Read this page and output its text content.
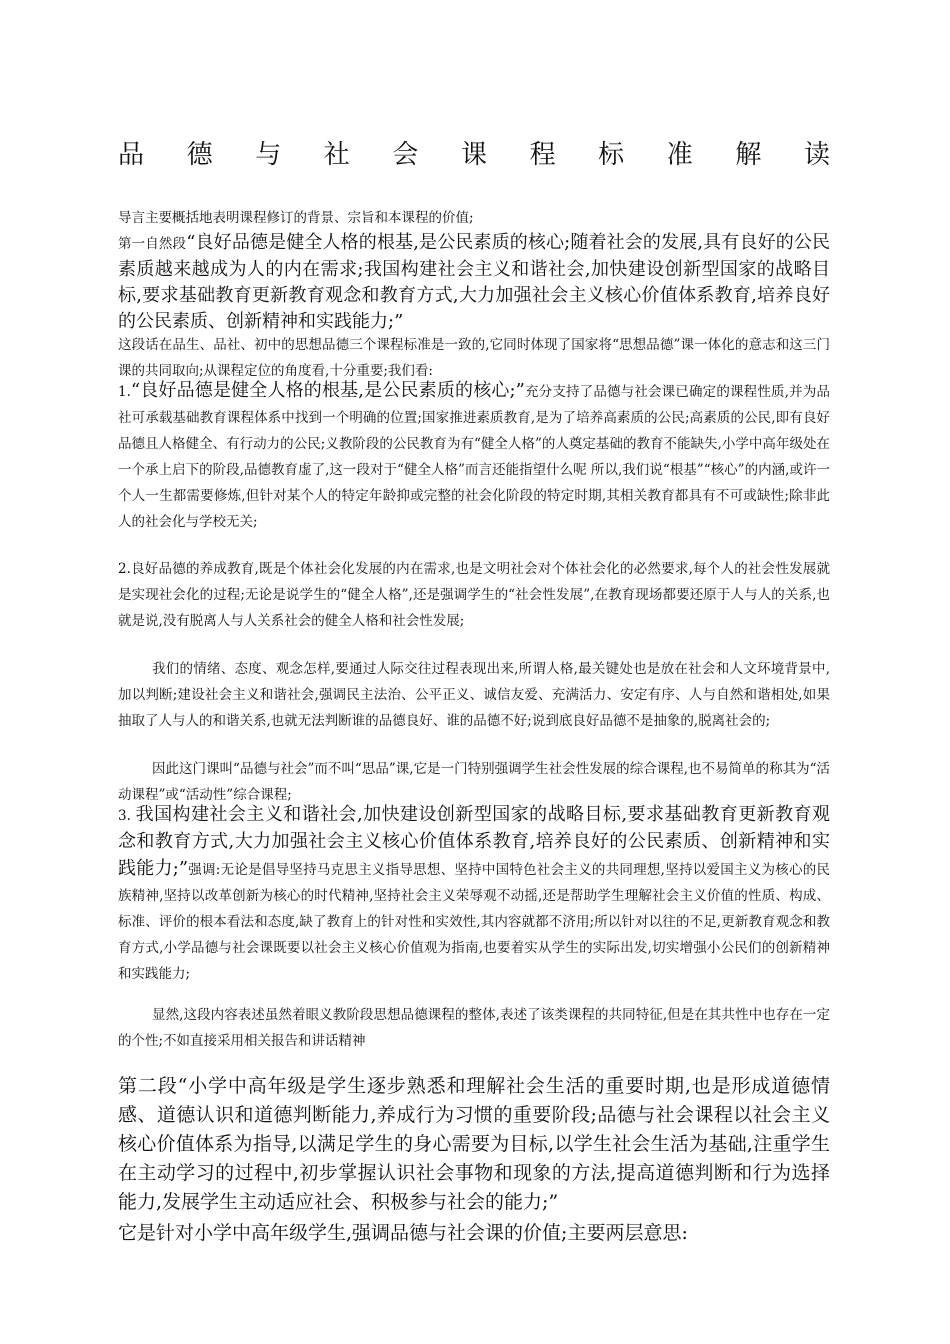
品 德 与 社 会 课 程 标 准 解 读

导言主要概括地表明课程修订的背景、宗旨和本课程的价值;

第一自然段“良好品德是健全人格的根基,是公民素质的核心;随着社会的发展,具有良好的公民素质越来越成为人的内在需求;我国构建社会主义和谐社会,加快建设创新型国家的战略目标,要求基础教育更新教育观念和教育方式,大力加强社会主义核心价值体系教育,培养良好的公民素质、创新精神和实践能力;”

这段话在品生、品社、初中的思想品德三个课程标准是一致的,它同时体现了国家将“思想品德”课一体化的意志和这三门课的共同取向;从课程定位的角度看,十分重要;我们看:

1.“良好品德是健全人格的根基,是公民素质的核心;”充分支持了品德与社会课已确定的课程性质,并为品社可承载基础教育课程体系中找到一个明确的位置;国家推进素质教育,是为了培养高素质的公民;高素质的公民,即有良好品德且人格健全、有行动力的公民;义教阶段的公民教育为有“健全人格”的人奠定基础的教育不能缺失,小学中高年级处在一个承上启下的阶段,品德教育虚了,这一段对于“健全人格”而言还能指望什么呢 所以,我们说“根基”“核心”的内涵,或许一个人一生都需要修炼,但针对某个人的特定年龄抑或完整的社会化阶段的特定时期,其相关教育都具有不可或缺性;除非此人的社会化与学校无关;

2.良好品德的养成教育,既是个体社会化发展的内在需求,也是文明社会对个体社会化的必然要求,每个人的社会性发展就是实现社会化的过程;无论是说学生的“健全人格”,还是强调学生的“社会性发展”,在教育现场都要还原于人与人的关系,也就是说,没有脱离人与人关系社会的健全人格和社会性发展;

我们的情绪、态度、观念怎样,要通过人际交往过程表现出来,所谓人格,最关键处也是放在社会和人文环境背景中,加以判断;建设社会主义和谐社会,强调民主法治、公平正义、诚信友爱、充满活力、安定有序、人与自然和谐相处,如果抽取了人与人的和谐关系,也就无法判断谁的品德良好、谁的品德不好;说到底良好品德不是抽象的,脱离社会的;

因此这门课叫“品德与社会”而不叫“思品”课,它是一门特别强调学生社会性发展的综合课程,也不易简单的称其为“活动课程”或“活动性”综合课程;

3. 我国构建社会主义和谐社会,加快建设创新型国家的战略目标,要求基础教育更新教育观念和教育方式,大力加强社会主义核心价值体系教育,培养良好的公民素质、创新精神和实践能力;”强调:无论是倡导坚持马克思主义指导思想、坚持中国特色社会主义的共同理想,坚持以爱国主义为核心的民族精神,坚持以改革创新为核心的时代精神,坚持社会主义荣辱观不动摇,还是帮助学生理解社会主义价值的性质、构成、标准、评价的根本看法和态度,缺了教育上的针对性和实效性,其内容就都不济用;所以针对以往的不足,更新教育观念和教育方式,小学品德与社会课既要以社会主义核心价值观为指南,也要着实从学生的实际出发,切实增强小公民们的创新精神和实践能力;

显然,这段内容表述虽然着眼义教阶段思想品德课程的整体,表述了该类课程的共同特征,但是在其共性中也存在一定的个性;不如直接采用相关报告和讲话精神

第二段“小学中高年级是学生逐步熟悉和理解社会生活的重要时期,也是形成道德情感、道德认识和道德判断能力,养成行为习惯的重要阶段;品德与社会课程以社会主义核心价值体系为指导,以满足学生的身心需要为目标,以学生社会生活为基础,注重学生在主动学习的过程中,初步掌握认识社会事物和现象的方法,提高道德判断和行为选择能力,发展学生主动适应社会、积极参与社会的能力;”

它是针对小学中高年级学生,强调品德与社会课的价值;主要两层意思:
